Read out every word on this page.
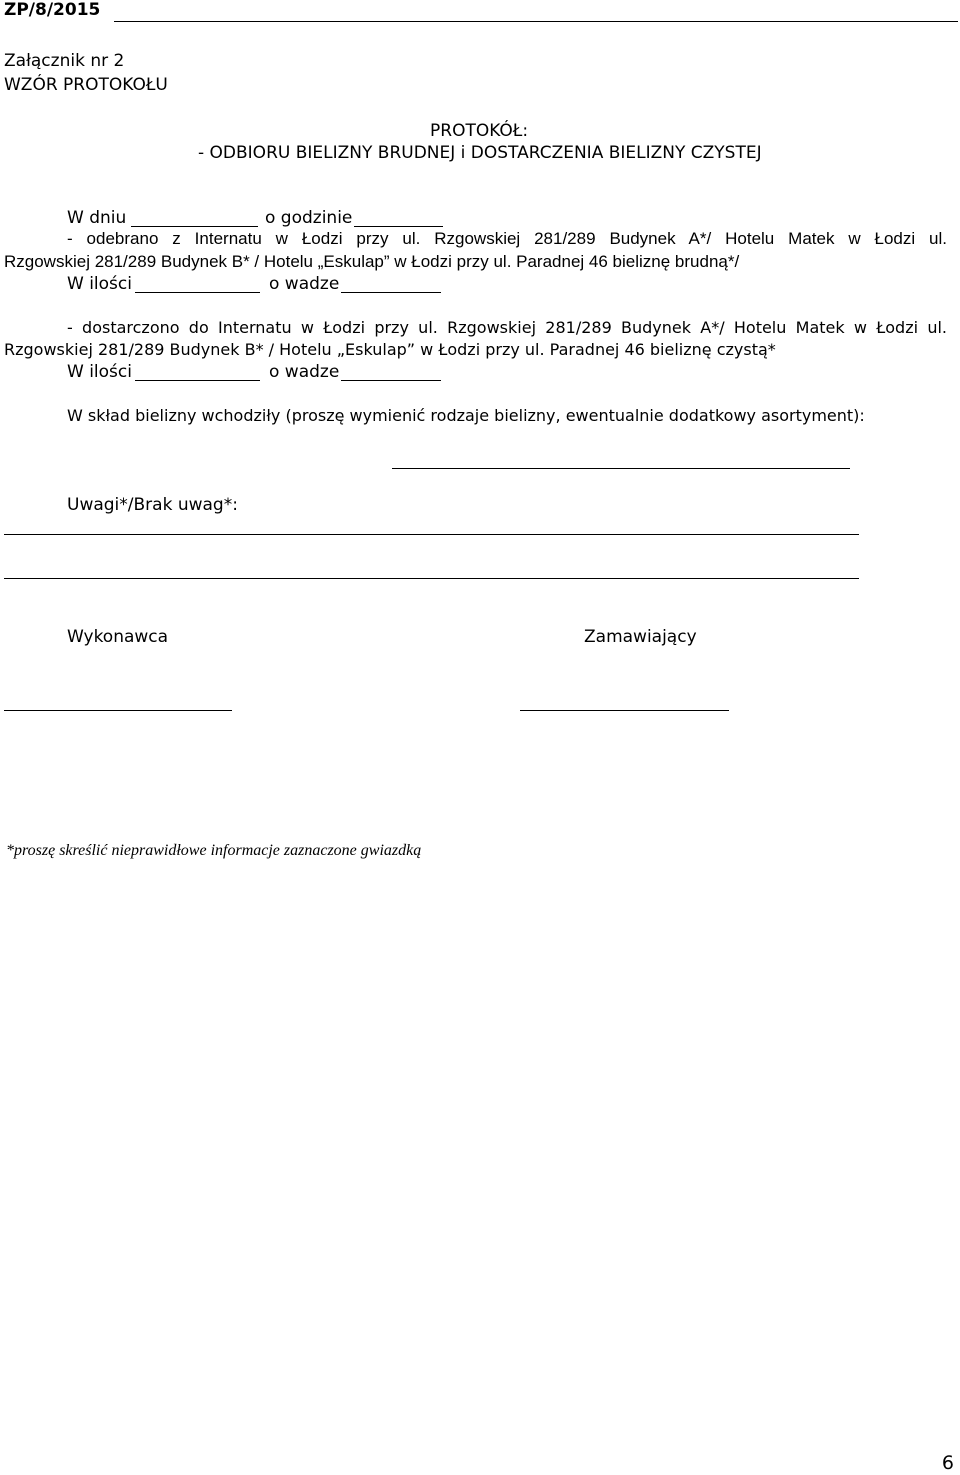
ZP/8/2015
Załącznik nr 2
WZÓR PROTOKOŁU
PROTOKÓŁ:
- ODBIORU BIELIZNY BRUDNEJ i DOSTARCZENIA BIELIZNY CZYSTEJ
W dniu	o godzinie
- odebrano z Internatu w Łodzi przy ul. Rzgowskiej 281/289 Budynek A*/ Hotelu Matek w Łodzi ul.
Rzgowskiej 281/289 Budynek B* / Hotelu „Eskulap” w Łodzi przy ul. Paradnej 46 bieliznę brudną*/
W ilości	o wadze
- dostarczono do Internatu w Łodzi przy ul. Rzgowskiej 281/289 Budynek A*/ Hotelu Matek w Łodzi ul.
Rzgowskiej 281/289 Budynek B* / Hotelu „Eskulap” w Łodzi przy ul. Paradnej 46 bieliznę czystą*
W ilości	o wadze
W skład bielizny wchodziły (proszę wymienić rodzaje bielizny, ewentualnie dodatkowy asortyment):
Uwagi*/Brak uwag*:
Wykonawca	Zamawiający
*proszę skreślić nieprawidłowe informacje zaznaczone gwiazdką
6
